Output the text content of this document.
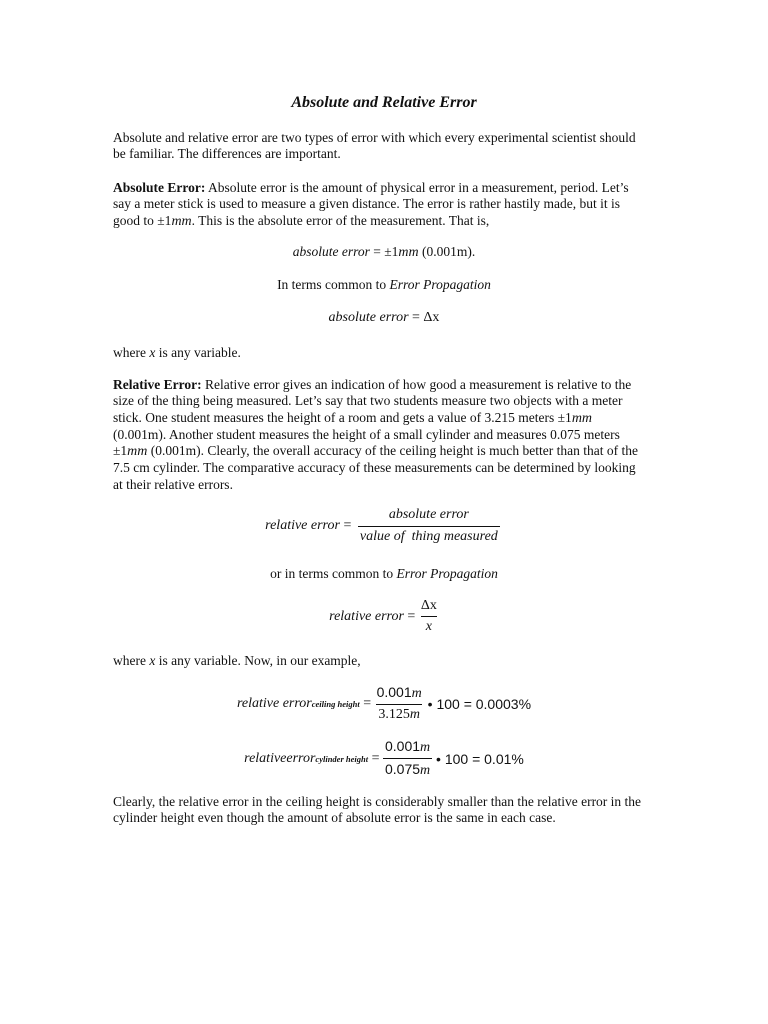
Absolute and Relative Error

Absolute and relative error are two types of error with which every experimental scientist should be familiar. The differences are important.

Absolute Error: Absolute error is the amount of physical error in a measurement, period. Let’s say a meter stick is used to measure a given distance. The error is rather hastily made, but it is good to ±1mm. This is the absolute error of the measurement. That is,

absolute error = ±1mm (0.001m).
In terms common to Error Propagation
absolute error = Δx

where x is any variable.

Relative Error: Relative error gives an indication of how good a measurement is relative to the size of the thing being measured. Let’s say that two students measure two objects with a meter stick. One student measures the height of a room and gets a value of 3.215 meters ±1mm (0.001m). Another student measures the height of a small cylinder and measures 0.075 meters ±1mm (0.001m). Clearly, the overall accuracy of the ceiling height is much better than that of the 7.5 cm cylinder. The comparative accuracy of these measurements can be determined by looking at their relative errors.

relative error = $\frac{\text{absolute error}}{\text{value of  thing measured}}$
or in terms common to Error Propagation
relative error = $\frac{\Delta x}{x}$

where x is any variable. Now, in our example,

relative error ceiling height = $\frac{0.001m}{3.125m}$ • 100 = 0.0003%
relativeerror cylinder height = $\frac{0.001m}{0.075m}$ • 100 = 0.01%

Clearly, the relative error in the ceiling height is considerably smaller than the relative error in the cylinder height even though the amount of absolute error is the same in each case.
